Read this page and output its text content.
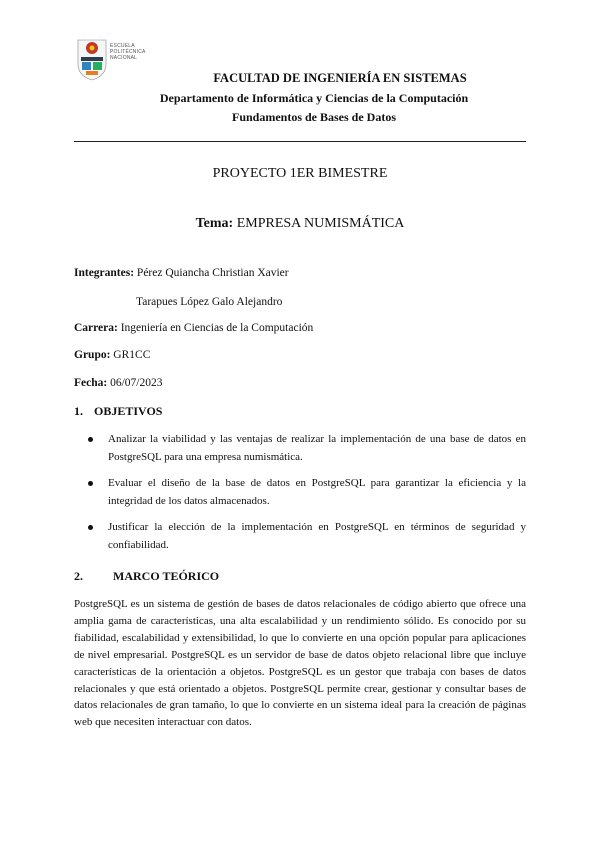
ESCUELA
POLITÉCNICA
NACIONAL
FACULTAD DE INGENIERÍA EN SISTEMAS
Departamento de Informática y Ciencias de la Computación
Fundamentos de Bases de Datos
PROYECTO 1ER BIMESTRE
Tema: EMPRESA NUMISMÁTICA
Integrantes: Pérez Quiancha Christian Xavier
Tarapues López Galo Alejandro
Carrera: Ingeniería en Ciencias de la Computación
Grupo: GR1CC
Fecha: 06/07/2023
1. OBJETIVOS
Analizar la viabilidad y las ventajas de realizar la implementación de una base de datos en PostgreSQL para una empresa numismática.
Evaluar el diseño de la base de datos en PostgreSQL para garantizar la eficiencia y la integridad de los datos almacenados.
Justificar la elección de la implementación en PostgreSQL en términos de seguridad y confiabilidad.
2.	MARCO TEÓRICO
PostgreSQL es un sistema de gestión de bases de datos relacionales de código abierto que ofrece una amplia gama de características, una alta escalabilidad y un rendimiento sólido. Es conocido por su fiabilidad, escalabilidad y extensibilidad, lo que lo convierte en una opción popular para aplicaciones de nivel empresarial. PostgreSQL es un servidor de base de datos objeto relacional libre que incluye características de la orientación a objetos. PostgreSQL es un gestor que trabaja con bases de datos relacionales y que está orientado a objetos. PostgreSQL permite crear, gestionar y consultar bases de datos relacionales de gran tamaño, lo que lo convierte en un sistema ideal para la creación de páginas web que necesiten interactuar con datos.
